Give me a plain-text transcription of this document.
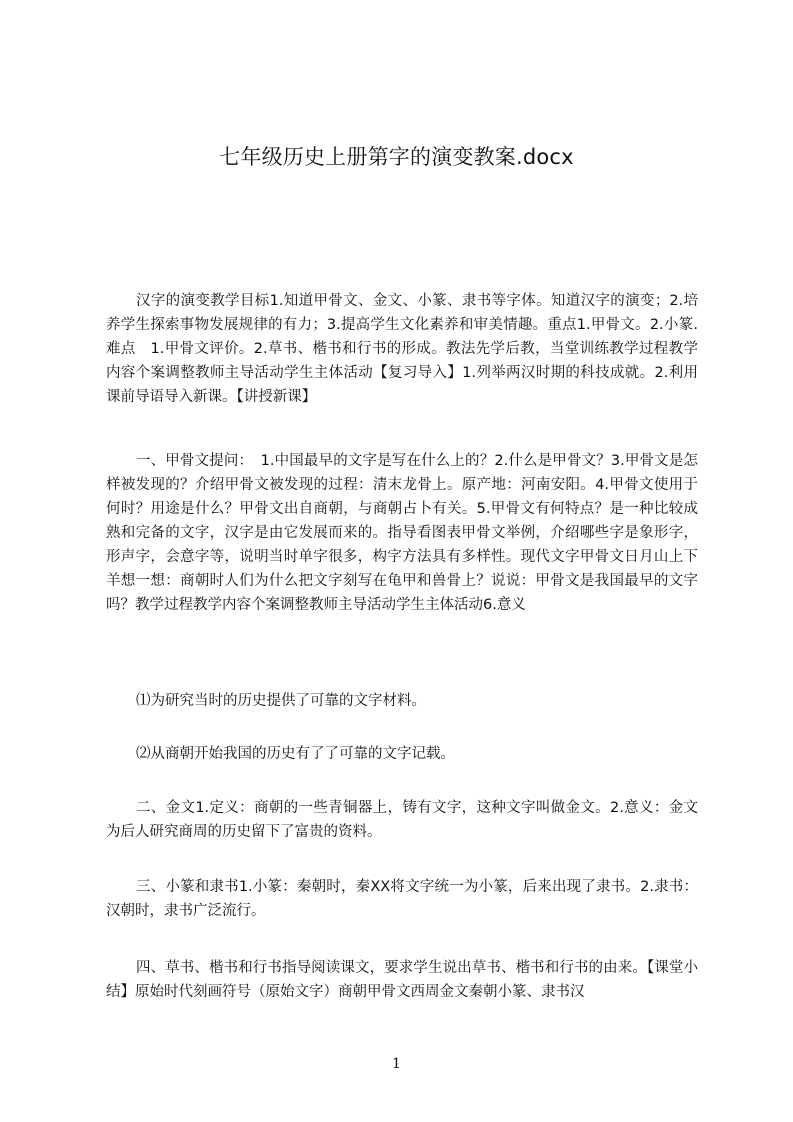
七年级历史上册第字的演变教案.docx

汉字的演变教学目标1.知道甲骨文、金文、小篆、隶书等字体。知道汉字的演变；2.培养学生探索事物发展规律的有力；3.提高学生文化素养和审美情趣。重点1.甲骨文。2.小篆.难点　1.甲骨文评价。2.草书、楷书和行书的形成。教法先学后教，当堂训练教学过程教学内容个案调整教师主导活动学生主体活动【复习导入】1.列举两汉时期的科技成就。2.利用课前导语导入新课。【讲授新课】

一、甲骨文提问：　1.中国最早的文字是写在什么上的？2.什么是甲骨文？3.甲骨文是怎样被发现的？介绍甲骨文被发现的过程：清末龙骨上。原产地：河南安阳。4.甲骨文使用于何时？用途是什么？甲骨文出自商朝，与商朝占卜有关。5.甲骨文有何特点？是一种比较成熟和完备的文字，汉字是由它发展而来的。指导看图表甲骨文举例，介绍哪些字是象形字，形声字，会意字等，说明当时单字很多，构字方法具有多样性。现代文字甲骨文日月山上下羊想一想：商朝时人们为什么把文字刻写在龟甲和兽骨上？说说：甲骨文是我国最早的文字吗？教学过程教学内容个案调整教师主导活动学生主体活动6.意义

⑴为研究当时的历史提供了可靠的文字材料。

⑵从商朝开始我国的历史有了了可靠的文字记载。

二、金文1.定义：商朝的一些青铜器上，铸有文字，这种文字叫做金文。2.意义：金文为后人研究商周的历史留下了富贵的资料。

三、小篆和隶书1.小篆：秦朝时，秦XX将文字统一为小篆，后来出现了隶书。2.隶书：汉朝时，隶书广泛流行。

四、草书、楷书和行书指导阅读课文，要求学生说出草书、楷书和行书的由来。【课堂小结】原始时代刻画符号（原始文字）商朝甲骨文西周金文秦朝小篆、隶书汉

1
